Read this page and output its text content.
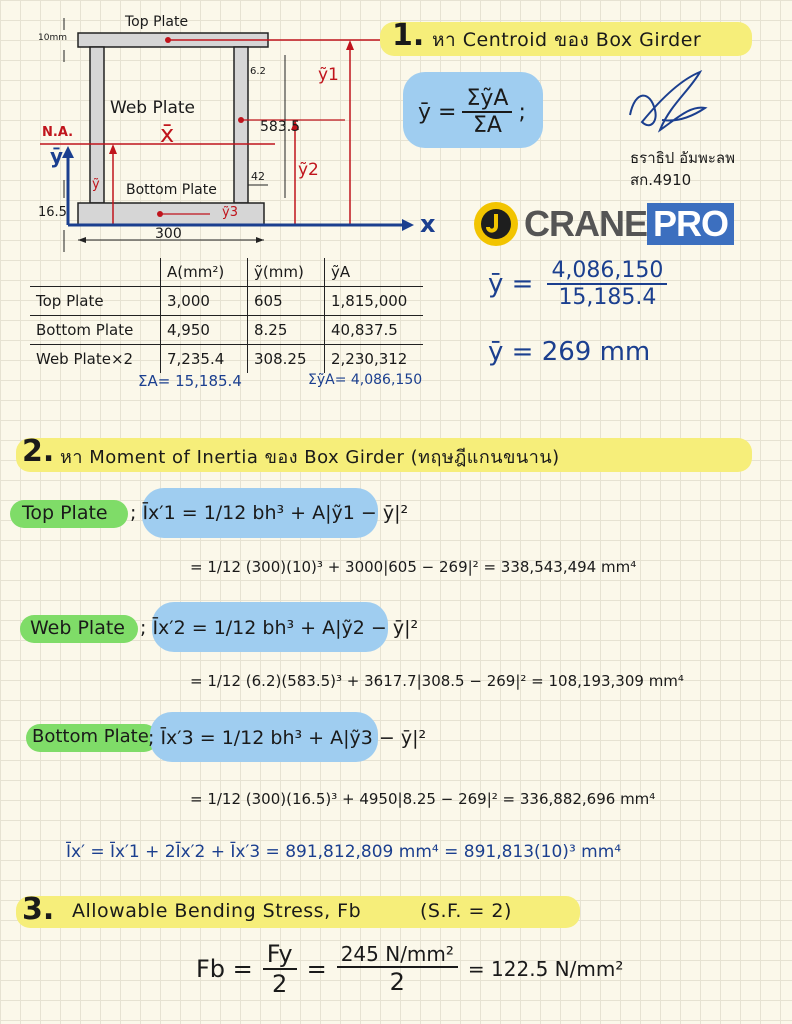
Top Plate
10mm
Web Plate
x̄
N.A.
ȳ
6.2
583.5
42
ỹ1
ỹ2
ỹ Bottom Plate
ỹ3
16.5
300	x
1. หา Centroid ของ Box Girder
ȳ = $\frac{\text{ΣỹA}}{\Sigma A}$ ;
ธราธิป อัมพะลพ
สก.4910
CRANE PRO
ȳ = $\frac{4,086,150}{15,185.4}$
ȳ = 269 mm
	A(mm²)	ỹ(mm)	ỹA
Top Plate	3,000	605	1,815,000
Bottom Plate	4,950	8.25	40,837.5
Web Plate×2	7,235.4	308.25	2,230,312
ΣA= 15,185.4	ΣỹA= 4,086,150
2. หา Moment of Inertia ของ Box Girder (ทฤษฎีแกนขนาน)
Top Plate ; Ῑx′1 = 1/12 bh³ + A|ỹ1 − ȳ|²
= 1/12 (300)(10)³ + 3000|605 − 269|² = 338,543,494 mm⁴
Web Plate ; Ῑx′2 = 1/12 bh³ + A|ỹ2 − ȳ|²
= 1/12 (6.2)(583.5)³ + 3617.7|308.5 − 269|² = 108,193,309 mm⁴
Bottom Plate ; Ῑx′3 = 1/12 bh³ + A|ỹ3 − ȳ|²
= 1/12 (300)(16.5)³ + 4950|8.25 − 269|² = 336,882,696 mm⁴
Ῑx′ = Ῑx′1 + 2Ῑx′2 + Ῑx′3 = 891,812,809 mm⁴ = 891,813(10)³ mm⁴
3. Allowable Bending Stress, Fb	(S.F. = 2)
$Fb = \frac{Fy}{2} = \frac{\text{245 N/mm²}}{2} = 122.5$ N/mm²
